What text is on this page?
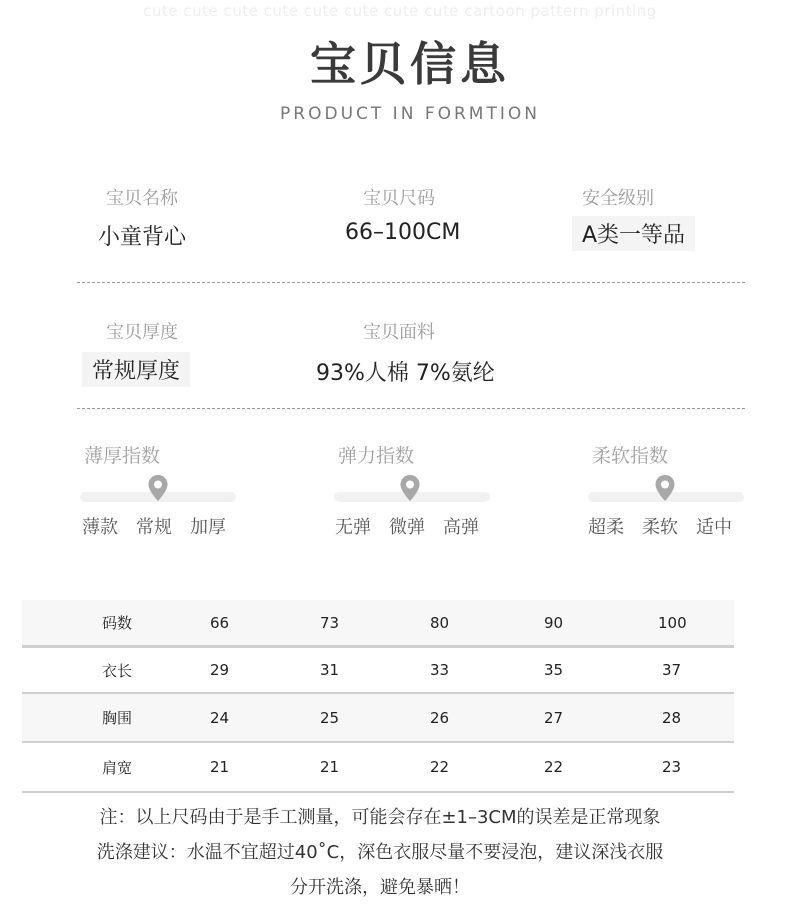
cute cute cute cute cute cute cute cute cartoon pattern printing
宝贝信息
PRODUCT IN FORMTION
宝贝名称
小童背心
宝贝尺码
66–100CM
安全级别
A类一等品
宝贝厚度
常规厚度
宝贝面料
93%人棉 7%氨纶
薄厚指数
薄款 常规 加厚
弹力指数
无弹 微弹 高弹
柔软指数
超柔 柔软 适中
码数	66	73	80	90	100
衣长	29	31	33	35	37
胸围	24	25	26	27	28
肩宽	21	21	22	22	23
注：以上尺码由于是手工测量，可能会存在±1–3CM的误差是正常现象
洗涤建议：水温不宜超过40˚C，深色衣服尽量不要浸泡，建议深浅衣服
分开洗涤，避免暴晒！
